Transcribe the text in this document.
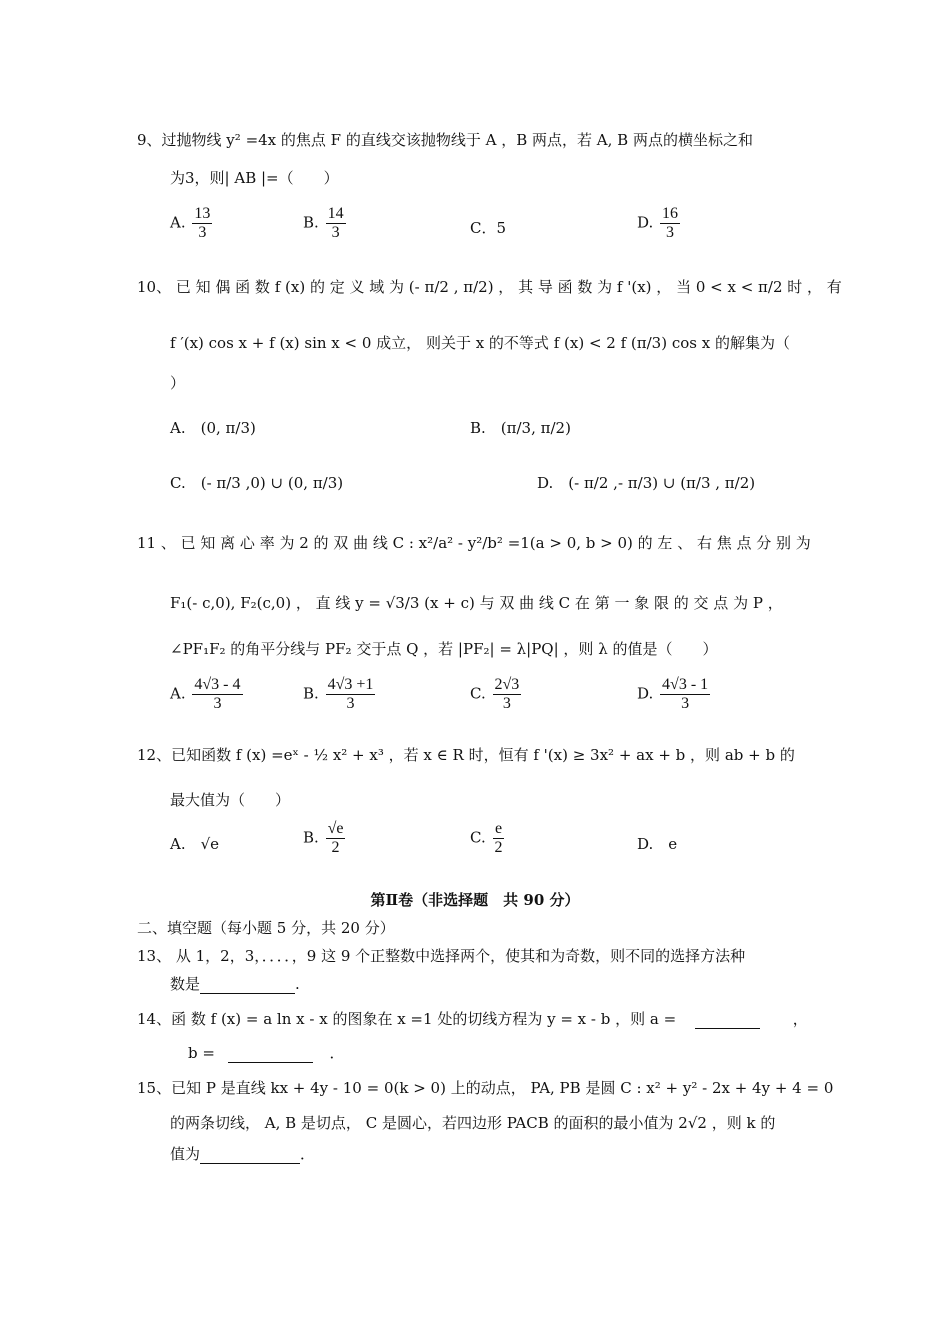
9、过抛物线 y² =4x 的焦点 F 的直线交该抛物线于 A ，B 两点，若 A, B 两点的横坐标之和
为3，则| AB |=（　　）
A. $\frac{13}{3}$	B. $\frac{14}{3}$	C．5	D. $\frac{16}{3}$
10、 已 知 偶 函 数 f (x) 的 定 义 域 为 (- π/2 , π/2) ， 其 导 函 数 为 f '(x) ， 当 0 < x < π/2 时 ， 有
f ′(x) cos x + f (x) sin x < 0 成立， 则关于 x 的不等式 f (x) < 2 f (π/3) cos x 的解集为（
）
A.　(0, π/3)	B.　(π/3, π/2)
C.　(- π/3 ,0) ∪ (0, π/3)	D.　(- π/2 ,- π/3) ∪ (π/3 , π/2)
11 、 已 知 离 心 率 为 2 的 双 曲 线 C : x²/a² - y²/b² =1(a > 0, b > 0) 的 左 、 右 焦 点 分 别 为
F₁(- c,0), F₂(c,0) ， 直 线 y = √3/3 (x + c) 与 双 曲 线 C 在 第 一 象 限 的 交 点 为 P ，
∠PF₁F₂ 的角平分线与 PF₂ 交于点 Q ，若 |PF₂| = λ|PQ| ，则 λ 的值是（　　）
A. $\frac{4√3 - 4}{3}$	B. $\frac{4√3 +1}{3}$	C. $\frac{2√3}{3}$	D. $\frac{4√3 - 1}{3}$
12、已知函数 f (x) =eˣ - ½ x² + x³ ，若 x ∈ R 时，恒有 f '(x) ≥ 3x² + ax + b ，则 ab + b 的
最大值为（　　）
A.　√e	B. $\frac{√e}{2}$	C. $\frac{e}{2}$	D.　e
第Ⅱ卷（非选择题　共 90 分）
二、填空题（每小题 5 分，共 20 分）
13、 从 1，2，3，．．．．，9 这 9 个正整数中选择两个，使其和为奇数，则不同的选择方法种
数是	.
14、函 数 f (x) = a ln x - x 的图象在 x =1 处的切线方程为 y = x - b ，则 a =	，
b =	．
15、已知 P 是直线 kx + 4y - 10 = 0(k > 0) 上的动点， PA, PB 是圆 C : x² + y² - 2x + 4y + 4 = 0
的两条切线， A, B 是切点， C 是圆心，若四边形 PACB 的面积的最小值为 2√2 ，则 k 的
值为	．
